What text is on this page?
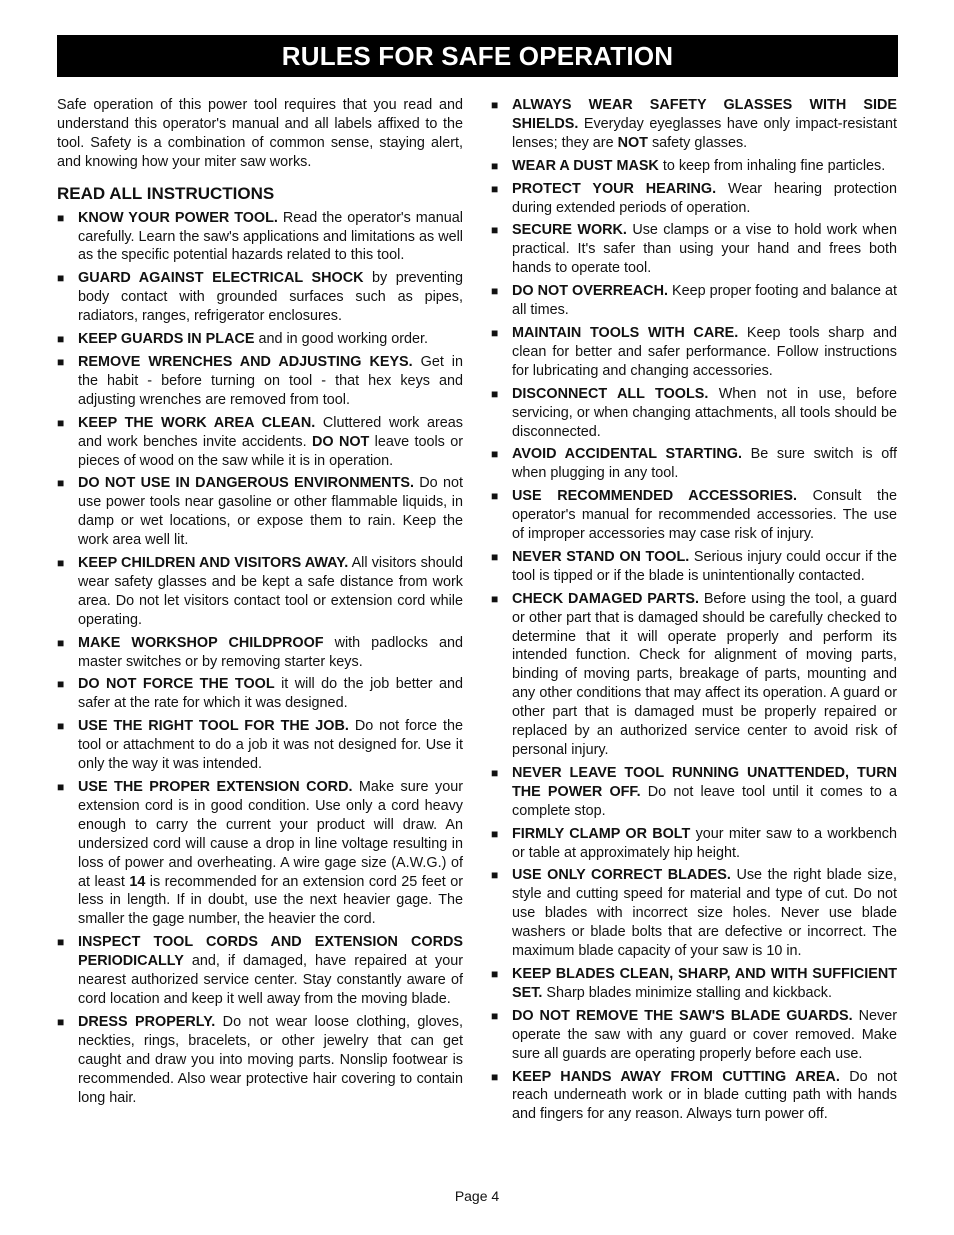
RULES FOR SAFE OPERATION

Safe operation of this power tool requires that you read and understand this operator's manual and all labels affixed to the tool. Safety is a combination of common sense, staying alert, and knowing how your miter saw works.

READ ALL INSTRUCTIONS
■ KNOW YOUR POWER TOOL. Read the operator's manual carefully. Learn the saw's applications and limitations as well as the specific potential hazards related to this tool.
■ GUARD AGAINST ELECTRICAL SHOCK by preventing body contact with grounded surfaces such as pipes, radiators, ranges, refrigerator enclosures.
■ KEEP GUARDS IN PLACE and in good working order.
■ REMOVE WRENCHES AND ADJUSTING KEYS. Get in the habit - before turning on tool - that hex keys and adjusting wrenches are removed from tool.
■ KEEP THE WORK AREA CLEAN. Cluttered work areas and work benches invite accidents. DO NOT leave tools or pieces of wood on the saw while it is in operation.
■ DO NOT USE IN DANGEROUS ENVIRONMENTS. Do not use power tools near gasoline or other flammable liquids, in damp or wet locations, or expose them to rain. Keep the work area well lit.
■ KEEP CHILDREN AND VISITORS AWAY. All visitors should wear safety glasses and be kept a safe distance from work area. Do not let visitors contact tool or extension cord while operating.
■ MAKE WORKSHOP CHILDPROOF with padlocks and master switches or by removing starter keys.
■ DO NOT FORCE THE TOOL it will do the job better and safer at the rate for which it was designed.
■ USE THE RIGHT TOOL FOR THE JOB. Do not force the tool or attachment to do a job it was not designed for. Use it only the way it was intended.
■ USE THE PROPER EXTENSION CORD. Make sure your extension cord is in good condition. Use only a cord heavy enough to carry the current your product will draw. An undersized cord will cause a drop in line voltage resulting in loss of power and overheating. A wire gage size (A.W.G.) of at least 14 is recommended for an extension cord 25 feet or less in length. If in doubt, use the next heavier gage. The smaller the gage number, the heavier the cord.
■ INSPECT TOOL CORDS AND EXTENSION CORDS PERIODICALLY and, if damaged, have repaired at your nearest authorized service center. Stay constantly aware of cord location and keep it well away from the moving blade.
■ DRESS PROPERLY. Do not wear loose clothing, gloves, neckties, rings, bracelets, or other jewelry that can get caught and draw you into moving parts. Nonslip footwear is recommended. Also wear protective hair covering to contain long hair.
■ ALWAYS WEAR SAFETY GLASSES WITH SIDE SHIELDS. Everyday eyeglasses have only impact-resistant lenses; they are NOT safety glasses.
■ WEAR A DUST MASK to keep from inhaling fine particles.
■ PROTECT YOUR HEARING. Wear hearing protection during extended periods of operation.
■ SECURE WORK. Use clamps or a vise to hold work when practical. It's safer than using your hand and frees both hands to operate tool.
■ DO NOT OVERREACH. Keep proper footing and balance at all times.
■ MAINTAIN TOOLS WITH CARE. Keep tools sharp and clean for better and safer performance. Follow instructions for lubricating and changing accessories.
■ DISCONNECT ALL TOOLS. When not in use, before servicing, or when changing attachments, all tools should be disconnected.
■ AVOID ACCIDENTAL STARTING. Be sure switch is off when plugging in any tool.
■ USE RECOMMENDED ACCESSORIES. Consult the operator's manual for recommended accessories. The use of improper accessories may case risk of injury.
■ NEVER STAND ON TOOL. Serious injury could occur if the tool is tipped or if the blade is unintentionally contacted.
■ CHECK DAMAGED PARTS. Before using the tool, a guard or other part that is damaged should be carefully checked to determine that it will operate properly and perform its intended function. Check for alignment of moving parts, binding of moving parts, breakage of parts, mounting and any other conditions that may affect its operation. A guard or other part that is damaged must be properly repaired or replaced by an authorized service center to avoid risk of personal injury.
■ NEVER LEAVE TOOL RUNNING UNATTENDED, TURN THE POWER OFF. Do not leave tool until it comes to a complete stop.
■ FIRMLY CLAMP OR BOLT your miter saw to a workbench or table at approximately hip height.
■ USE ONLY CORRECT BLADES. Use the right blade size, style and cutting speed for material and type of cut. Do not use blades with incorrect size holes. Never use blade washers or blade bolts that are defective or incorrect. The maximum blade capacity of your saw is 10 in.
■ KEEP BLADES CLEAN, SHARP, AND WITH SUFFICIENT SET. Sharp blades minimize stalling and kickback.
■ DO NOT REMOVE THE SAW'S BLADE GUARDS. Never operate the saw with any guard or cover removed. Make sure all guards are operating properly before each use.
■ KEEP HANDS AWAY FROM CUTTING AREA. Do not reach underneath work or in blade cutting path with hands and fingers for any reason. Always turn power off.
Page 4
